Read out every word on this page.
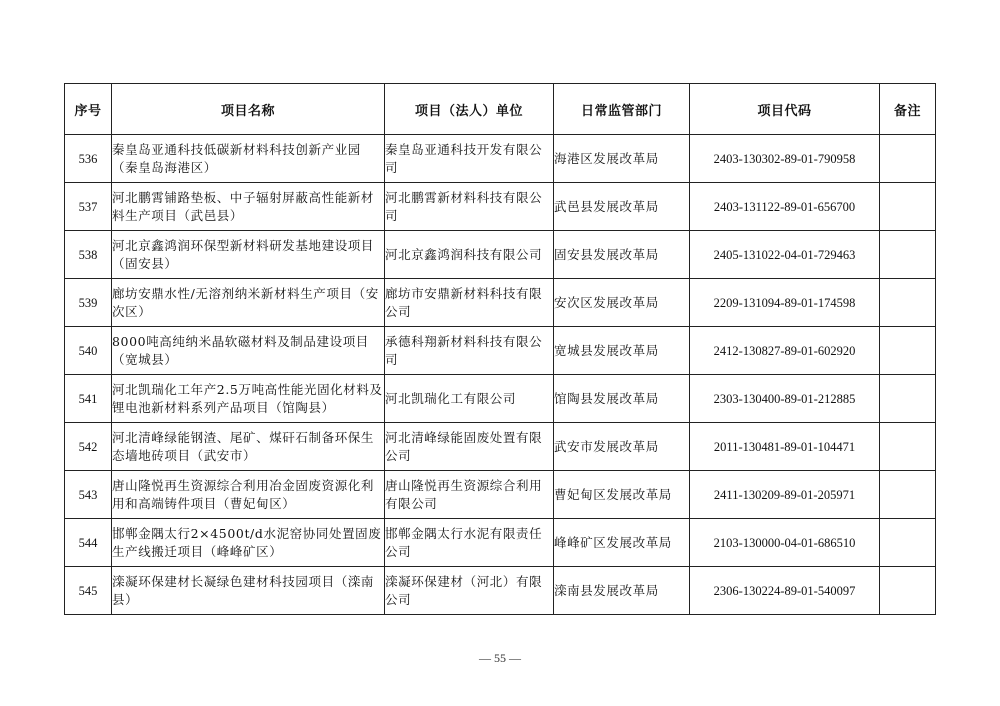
序号	项目名称	项目（法人）单位	日常监管部门	项目代码	备注
536	秦皇岛亚通科技低碳新材料科技创新产业园（秦皇岛海港区）	秦皇岛亚通科技开发有限公司	海港区发展改革局	2403-130302-89-01-790958	
537	河北鹏霄铺路垫板、中子辐射屏蔽高性能新材料生产项目（武邑县）	河北鹏霄新材料科技有限公司	武邑县发展改革局	2403-131122-89-01-656700	
538	河北京鑫鸿润环保型新材料研发基地建设项目（固安县）	河北京鑫鸿润科技有限公司	固安县发展改革局	2405-131022-04-01-729463	
539	廊坊安鼎水性/无溶剂纳米新材料生产项目（安次区）	廊坊市安鼎新材料科技有限公司	安次区发展改革局	2209-131094-89-01-174598	
540	8000吨高纯纳米晶软磁材料及制品建设项目（宽城县）	承德科翔新材料科技有限公司	宽城县发展改革局	2412-130827-89-01-602920	
541	河北凯瑞化工年产2.5万吨高性能光固化材料及锂电池新材料系列产品项目（馆陶县）	河北凯瑞化工有限公司	馆陶县发展改革局	2303-130400-89-01-212885	
542	河北清峰绿能钢渣、尾矿、煤矸石制备环保生态墙地砖项目（武安市）	河北清峰绿能固废处置有限公司	武安市发展改革局	2011-130481-89-01-104471	
543	唐山隆悦再生资源综合利用冶金固废资源化利用和高端铸件项目（曹妃甸区）	唐山隆悦再生资源综合利用有限公司	曹妃甸区发展改革局	2411-130209-89-01-205971	
544	邯郸金隅太行2×4500t/d水泥窑协同处置固废生产线搬迁项目（峰峰矿区）	邯郸金隅太行水泥有限责任公司	峰峰矿区发展改革局	2103-130000-04-01-686510	
545	滦凝环保建材长凝绿色建材科技园项目（滦南县）	滦凝环保建材（河北）有限公司	滦南县发展改革局	2306-130224-89-01-540097	
— 55 —
